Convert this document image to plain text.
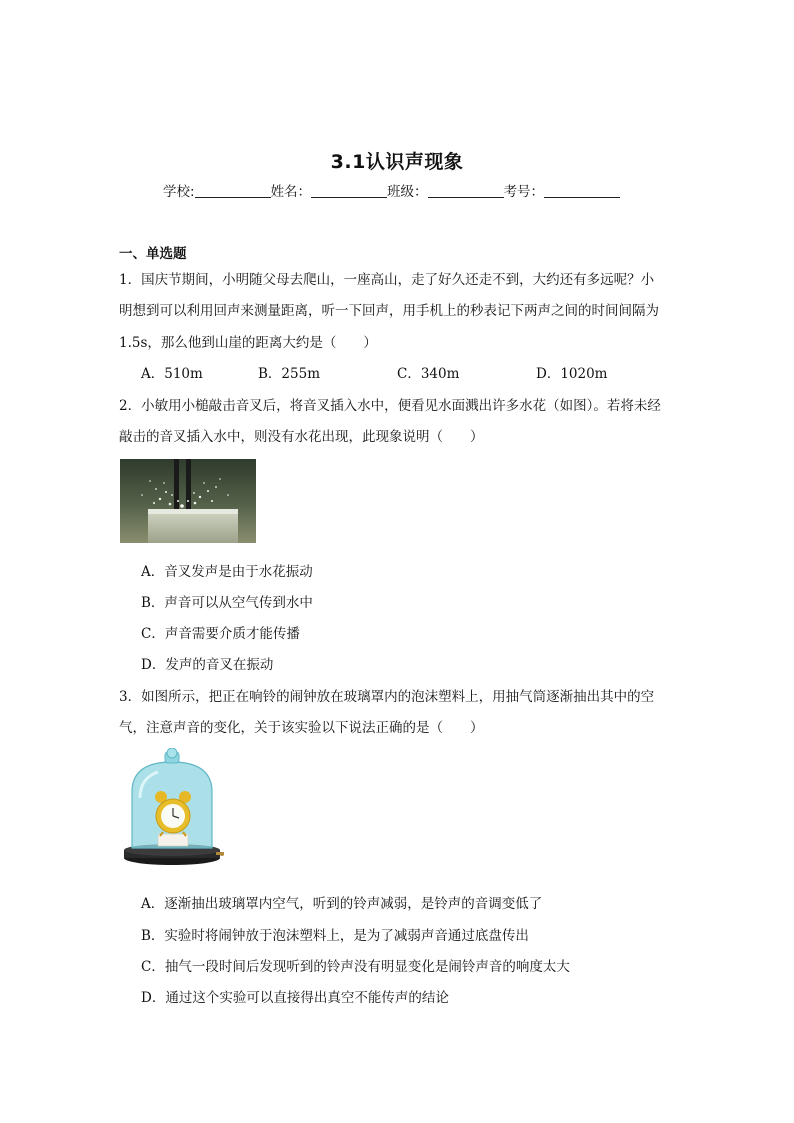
3.1认识声现象
学校:	姓名：	班级：	考号：
一、单选题
1．国庆节期间，小明随父母去爬山，一座高山，走了好久还走不到，大约还有多远呢？小
明想到可以利用回声来测量距离，听一下回声，用手机上的秒表记下两声之间的时间间隔为
1.5s，那么他到山崖的距离大约是（　　）
A．510m	B．255m	C．340m	D．1020m
2．小敏用小槌敲击音叉后，将音叉插入水中，便看见水面溅出许多水花（如图）。若将未经
敲击的音叉插入水中，则没有水花出现，此现象说明（　　）
A．音叉发声是由于水花振动
B．声音可以从空气传到水中
C．声音需要介质才能传播
D．发声的音叉在振动
3．如图所示，把正在响铃的闹钟放在玻璃罩内的泡沫塑料上，用抽气筒逐渐抽出其中的空
气，注意声音的变化，关于该实验以下说法正确的是（　　）
A．逐渐抽出玻璃罩内空气，听到的铃声减弱，是铃声的音调变低了
B．实验时将闹钟放于泡沫塑料上，是为了减弱声音通过底盘传出
C．抽气一段时间后发现听到的铃声没有明显变化是闹铃声音的响度太大
D．通过这个实验可以直接得出真空不能传声的结论
